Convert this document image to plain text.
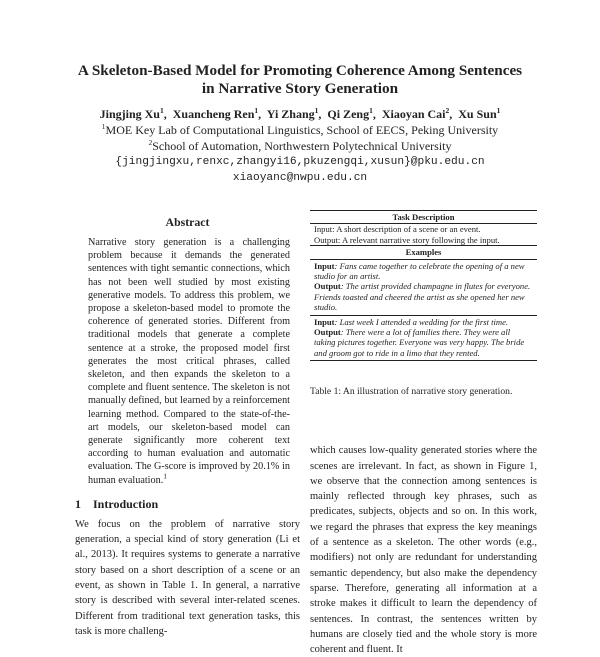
A Skeleton-Based Model for Promoting Coherence Among Sentences
in Narrative Story Generation
Jingjing Xu$^1$,  Xuancheng Ren$^1$,  Yi Zhang$^1$,  Qi Zeng$^1$,  Xiaoyan Cai$^2$,  Xu Sun$^1$
$^1$MOE Key Lab of Computational Linguistics, School of EECS, Peking University
$^2$School of Automation, Northwestern Polytechnical University
{jingjingxu,renxc,zhangyi16,pkuzengqi,xusun}@pku.edu.cn
xiaoyanc@nwpu.edu.cn
Abstract

Narrative story generation is a challenging problem because it demands the generated sentences with tight semantic connections, which has not been well studied by most existing generative models. To address this problem, we propose a skeleton-based model to promote the coherence of generated stories. Different from traditional models that generate a complete sentence at a stroke, the proposed model first generates the most critical phrases, called skeleton, and then expands the skeleton to a complete and fluent sentence. The skeleton is not manually defined, but learned by a reinforcement learning method. Compared to the state-of-the-art models, our skeleton-based model can generate significantly more coherent text according to human evaluation and automatic evaluation. The G-score is improved by 20.1% in human evaluation.$^1$

1 Introduction

We focus on the problem of narrative story generation, a special kind of story generation (Li et al., 2013). It requires systems to generate a narrative story based on a short description of a scene or an event, as shown in Table 1. In general, a narrative story is described with several inter-related scenes. Different from traditional text generation tasks, this task is more challeng-

Task Description
Input: A short description of a scene or an event.
Output: A relevant narrative story following the input.
Examples
Input: Fans came together to celebrate the opening of a new studio for an artist.
Output: The artist provided champagne in flutes for everyone. Friends toasted and cheered the artist as she opened her new studio.
Input: Last week I attended a wedding for the first time.
Output: There were a lot of families there. They were all taking pictures together. Everyone was very happy. The bride and groom got to ride in a limo that they rented.
Table 1: An illustration of narrative story generation.

which causes low-quality generated stories where the scenes are irrelevant. In fact, as shown in Figure 1, we observe that the connection among sentences is mainly reflected through key phrases, such as predicates, subjects, objects and so on. In this work, we regard the phrases that express the key meanings of a sentence as a skeleton. The other words (e.g., modifiers) not only are redundant for understanding semantic dependency, but also make the dependency sparse. Therefore, generating all information at a stroke makes it difficult to learn the dependency of sentences. In contrast, the sentences written by humans are closely tied and the whole story is more coherent and fluent. It
